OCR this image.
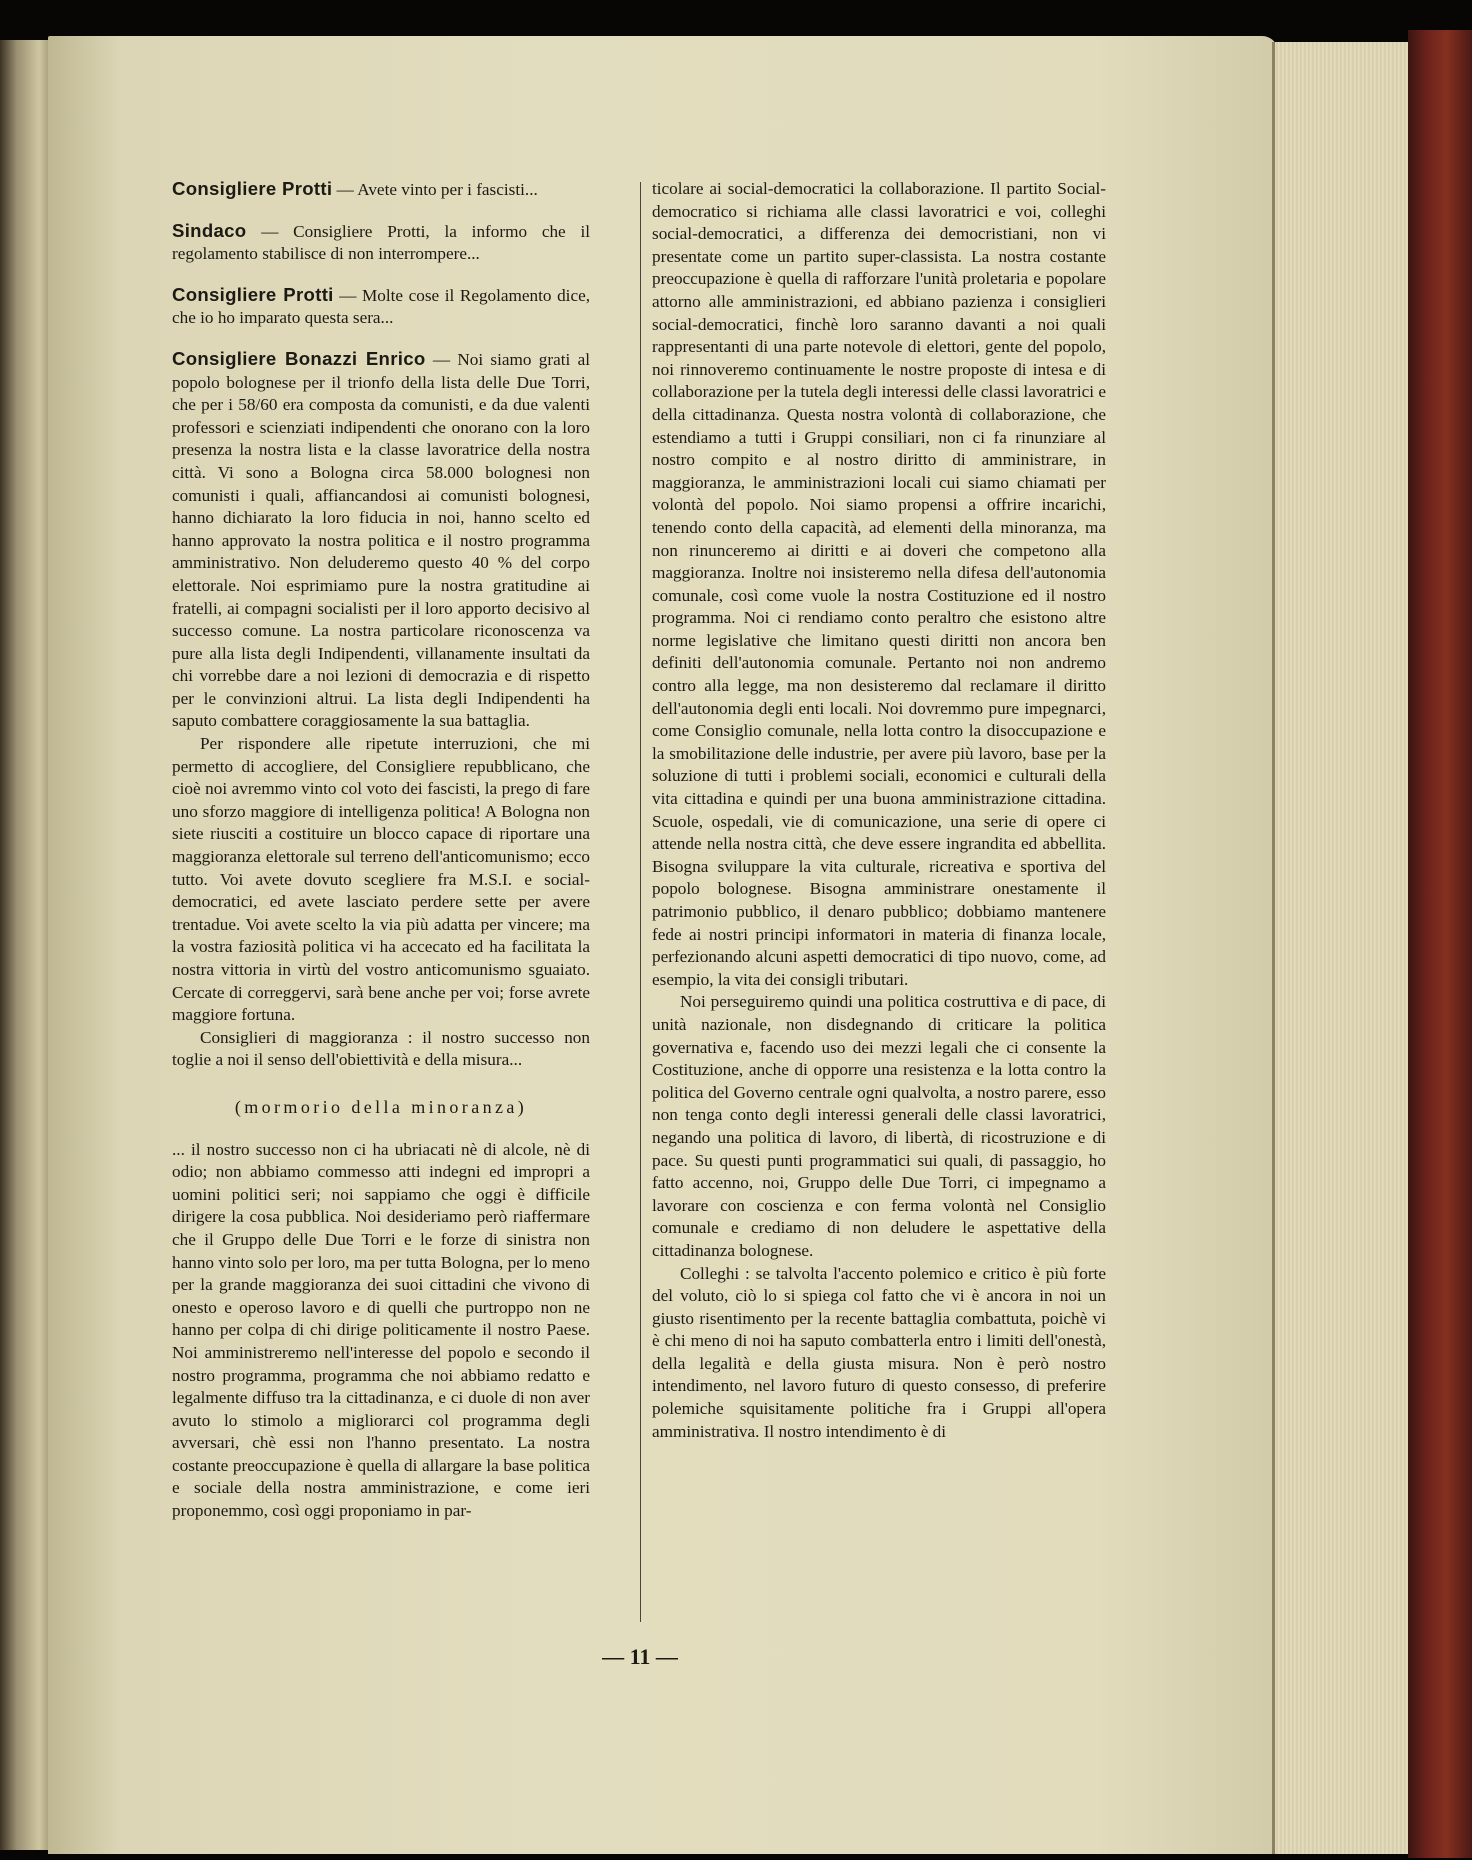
Consigliere Protti — Avete vinto per i fascisti...

Sindaco — Consigliere Protti, la informo che il regolamento stabilisce di non interrompere...

Consigliere Protti — Molte cose il Regolamento dice, che io ho imparato questa sera...

Consigliere Bonazzi Enrico — Noi siamo grati al popolo bolognese per il trionfo della lista delle Due Torri, che per i 58/60 era composta da comunisti, e da due valenti professori e scienziati indipendenti che onorano con la loro presenza la nostra lista e la classe lavoratrice della nostra città. Vi sono a Bologna circa 58.000 bolognesi non comunisti i quali, affiancandosi ai comunisti bolognesi, hanno dichiarato la loro fiducia in noi, hanno scelto ed hanno approvato la nostra politica e il nostro programma amministrativo. Non deluderemo questo 40 % del corpo elettorale. Noi esprimiamo pure la nostra gratitudine ai fratelli, ai compagni socialisti per il loro apporto decisivo al successo comune. La nostra particolare riconoscenza va pure alla lista degli Indipendenti, villanamente insultati da chi vorrebbe dare a noi lezioni di democrazia e di rispetto per le convinzioni altrui. La lista degli Indipendenti ha saputo combattere coraggiosamente la sua battaglia.

Per rispondere alle ripetute interruzioni, che mi permetto di accogliere, del Consigliere repubblicano, che cioè noi avremmo vinto col voto dei fascisti, la prego di fare uno sforzo maggiore di intelligenza politica! A Bologna non siete riusciti a costituire un blocco capace di riportare una maggioranza elettorale sul terreno dell'anticomunismo; ecco tutto. Voi avete dovuto scegliere fra M.S.I. e social-democratici, ed avete lasciato perdere sette per avere trentadue. Voi avete scelto la via più adatta per vincere; ma la vostra faziosità politica vi ha accecato ed ha facilitata la nostra vittoria in virtù del vostro anticomunismo sguaiato. Cercate di correggervi, sarà bene anche per voi; forse avrete maggiore fortuna.

Consiglieri di maggioranza : il nostro successo non toglie a noi il senso dell'obiettività e della misura...

(mormorio della minoranza)

... il nostro successo non ci ha ubriacati nè di alcole, nè di odio; non abbiamo commesso atti indegni ed impropri a uomini politici seri; noi sappiamo che oggi è difficile dirigere la cosa pubblica. Noi desideriamo però riaffermare che il Gruppo delle Due Torri e le forze di sinistra non hanno vinto solo per loro, ma per tutta Bologna, per lo meno per la grande maggioranza dei suoi cittadini che vivono di onesto e operoso lavoro e di quelli che purtroppo non ne hanno per colpa di chi dirige politicamente il nostro Paese. Noi amministreremo nell'interesse del popolo e secondo il nostro programma, programma che noi abbiamo redatto e legalmente diffuso tra la cittadinanza, e ci duole di non aver avuto lo stimolo a migliorarci col programma degli avversari, chè essi non l'hanno presentato. La nostra costante preoccupazione è quella di allargare la base politica e sociale della nostra amministrazione, e come ieri proponemmo, così oggi proponiamo in par-

ticolare ai social-democratici la collaborazione. Il partito Social-democratico si richiama alle classi lavoratrici e voi, colleghi social-democratici, a differenza dei democristiani, non vi presentate come un partito super-classista. La nostra costante preoccupazione è quella di rafforzare l'unità proletaria e popolare attorno alle amministrazioni, ed abbiano pazienza i consiglieri social-democratici, finchè loro saranno davanti a noi quali rappresentanti di una parte notevole di elettori, gente del popolo, noi rinnoveremo continuamente le nostre proposte di intesa e di collaborazione per la tutela degli interessi delle classi lavoratrici e della cittadinanza. Questa nostra volontà di collaborazione, che estendiamo a tutti i Gruppi consiliari, non ci fa rinunziare al nostro compito e al nostro diritto di amministrare, in maggioranza, le amministrazioni locali cui siamo chiamati per volontà del popolo. Noi siamo propensi a offrire incarichi, tenendo conto della capacità, ad elementi della minoranza, ma non rinunceremo ai diritti e ai doveri che competono alla maggioranza. Inoltre noi insisteremo nella difesa dell'autonomia comunale, così come vuole la nostra Costituzione ed il nostro programma. Noi ci rendiamo conto peraltro che esistono altre norme legislative che limitano questi diritti non ancora ben definiti dell'autonomia comunale. Pertanto noi non andremo contro alla legge, ma non desisteremo dal reclamare il diritto dell'autonomia degli enti locali. Noi dovremmo pure impegnarci, come Consiglio comunale, nella lotta contro la disoccupazione e la smobilitazione delle industrie, per avere più lavoro, base per la soluzione di tutti i problemi sociali, economici e culturali della vita cittadina e quindi per una buona amministrazione cittadina. Scuole, ospedali, vie di comunicazione, una serie di opere ci attende nella nostra città, che deve essere ingrandita ed abbellita. Bisogna sviluppare la vita culturale, ricreativa e sportiva del popolo bolognese. Bisogna amministrare onestamente il patrimonio pubblico, il denaro pubblico; dobbiamo mantenere fede ai nostri principi informatori in materia di finanza locale, perfezionando alcuni aspetti democratici di tipo nuovo, come, ad esempio, la vita dei consigli tributari.

Noi perseguiremo quindi una politica costruttiva e di pace, di unità nazionale, non disdegnando di criticare la politica governativa e, facendo uso dei mezzi legali che ci consente la Costituzione, anche di opporre una resistenza e la lotta contro la politica del Governo centrale ogni qualvolta, a nostro parere, esso non tenga conto degli interessi generali delle classi lavoratrici, negando una politica di lavoro, di libertà, di ricostruzione e di pace. Su questi punti programmatici sui quali, di passaggio, ho fatto accenno, noi, Gruppo delle Due Torri, ci impegnamo a lavorare con coscienza e con ferma volontà nel Consiglio comunale e crediamo di non deludere le aspettative della cittadinanza bolognese.

Colleghi : se talvolta l'accento polemico e critico è più forte del voluto, ciò lo si spiega col fatto che vi è ancora in noi un giusto risentimento per la recente battaglia combattuta, poichè vi è chi meno di noi ha saputo combatterla entro i limiti dell'onestà, della legalità e della giusta misura. Non è però nostro intendimento, nel lavoro futuro di questo consesso, di preferire polemiche squisitamente politiche fra i Gruppi all'opera amministrativa. Il nostro intendimento è di

— 11 —
